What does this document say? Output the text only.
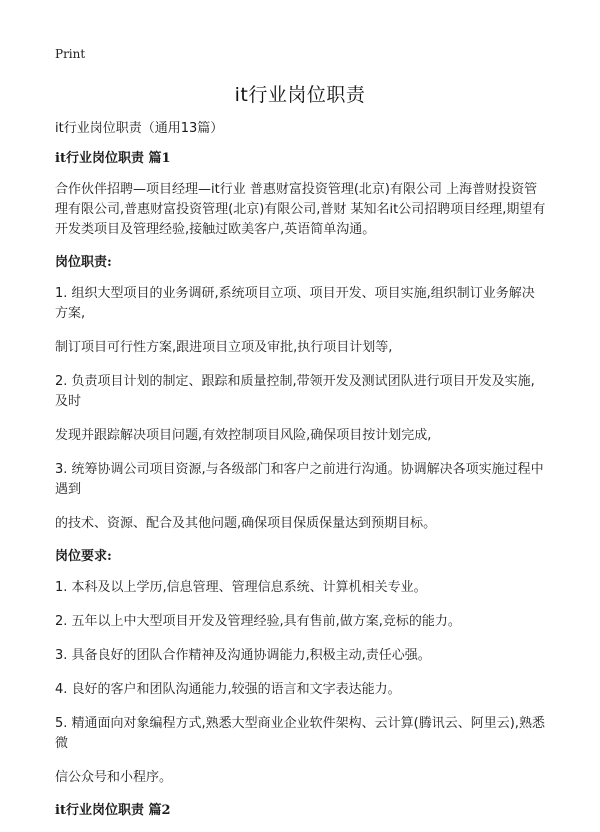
Print
it行业岗位职责

it行业岗位职责（通用13篇）

it行业岗位职责 篇1

合作伙伴招聘—项目经理—it行业 普惠财富投资管理(北京)有限公司 上海普财投资管理有限公司,普惠财富投资管理(北京)有限公司,普财 某知名it公司招聘项目经理,期望有开发类项目及管理经验,接触过欧美客户,英语简单沟通。

岗位职责:

1. 组织大型项目的业务调研,系统项目立项、项目开发、项目实施,组织制订业务解决方案,

制订项目可行性方案,跟进项目立项及审批,执行项目计划等,

2. 负责项目计划的制定、跟踪和质量控制,带领开发及测试团队进行项目开发及实施,及时

发现并跟踪解决项目问题,有效控制项目风险,确保项目按计划完成,

3. 统筹协调公司项目资源,与各级部门和客户之前进行沟通。协调解决各项实施过程中遇到

的技术、资源、配合及其他问题,确保项目保质保量达到预期目标。

岗位要求:

1. 本科及以上学历,信息管理、管理信息系统、计算机相关专业。

2. 五年以上中大型项目开发及管理经验,具有售前,做方案,竞标的能力。

3. 具备良好的团队合作精神及沟通协调能力,积极主动,责任心强。

4. 良好的客户和团队沟通能力,较强的语言和文字表达能力。

5. 精通面向对象编程方式,熟悉大型商业企业软件架构、云计算(腾讯云、阿里云),熟悉微

信公众号和小程序。

it行业岗位职责 篇2
